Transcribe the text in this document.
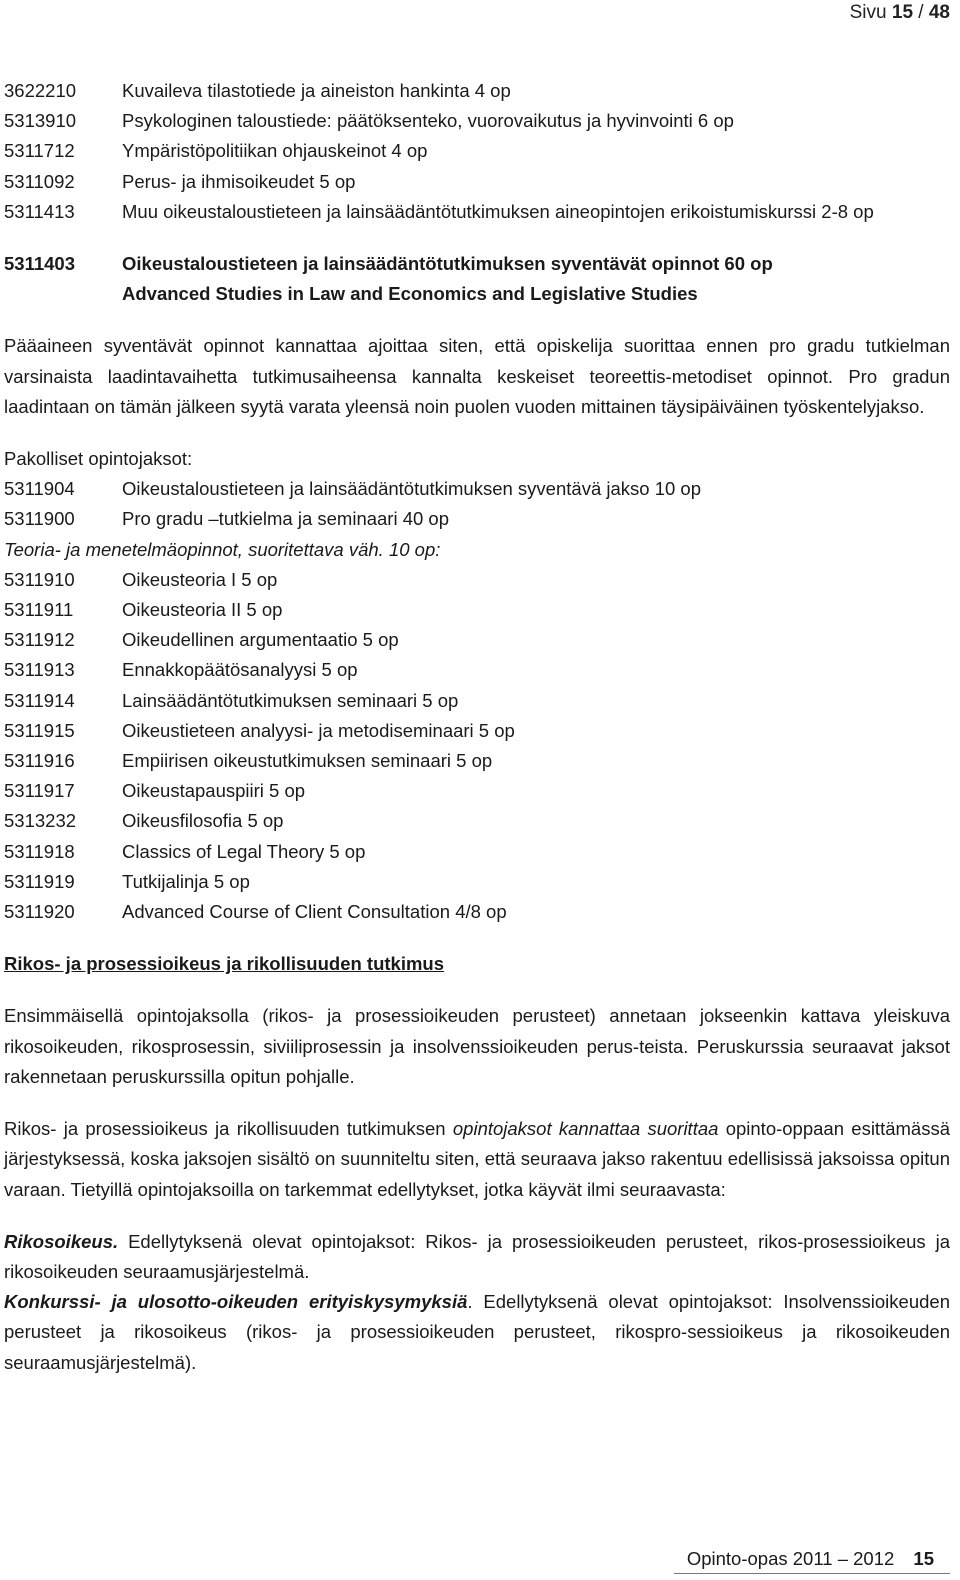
Sivu 15 / 48
3622210	Kuvaileva tilastotiede ja aineiston hankinta 4 op
5313910	Psykologinen taloustiede: päätöksenteko, vuorovaikutus ja hyvinvointi 6 op
5311712	Ympäristöpolitiikan ohjauskeinot 4 op
5311092	Perus- ja ihmisoikeudet 5 op
5311413	Muu oikeustaloustieteen ja lainsäädäntötutkimuksen aineopintojen erikoistumiskurssi 2-8 op
5311403	Oikeustaloustieteen ja lainsäädäntötutkimuksen syventävät opinnot 60 op
Advanced Studies in Law and Economics and Legislative Studies

Pääaineen syventävät opinnot kannattaa ajoittaa siten, että opiskelija suorittaa ennen pro gradu tutkielman varsinaista laadintavaihetta tutkimusaiheensa kannalta keskeiset teoreettis-metodiset opinnot. Pro gradun laadintaan on tämän jälkeen syytä varata yleensä noin puolen vuoden mittainen täysipäiväinen työskentelyjakso.

Pakolliset opintojaksot:
5311904	Oikeustaloustieteen ja lainsäädäntötutkimuksen syventävä jakso 10 op
5311900	Pro gradu –tutkielma ja seminaari 40 op
Teoria- ja menetelmäopinnot, suoritettava väh. 10 op:
5311910	Oikeusteoria I 5 op
5311911	Oikeusteoria II 5 op
5311912	Oikeudellinen argumentaatio 5 op
5311913	Ennakkopäätösanalyysi 5 op
5311914	Lainsäädäntötutkimuksen seminaari 5 op
5311915	Oikeustieteen analyysi- ja metodiseminaari 5 op
5311916	Empiirisen oikeustutkimuksen seminaari 5 op
5311917	Oikeustapauspiiri 5 op
5313232	Oikeusfilosofia 5 op
5311918	Classics of Legal Theory 5 op
5311919	Tutkijalinja 5 op
5311920	Advanced Course of Client Consultation 4/8 op
Rikos- ja prosessioikeus ja rikollisuuden tutkimus

Ensimmäisellä opintojaksolla (rikos- ja prosessioikeuden perusteet) annetaan jokseenkin kattava yleiskuva rikosoikeuden, rikosprosessin, siviiliprosessin ja insolvenssioikeuden perus-teista. Peruskurssia seuraavat jaksot rakennetaan peruskurssilla opitun pohjalle.

Rikos- ja prosessioikeus ja rikollisuuden tutkimuksen opintojaksot kannattaa suorittaa opinto-oppaan esittämässä järjestyksessä, koska jaksojen sisältö on suunniteltu siten, että seuraava jakso rakentuu edellisissä jaksoissa opitun varaan. Tietyillä opintojaksoilla on tarkemmat edellytykset, jotka käyvät ilmi seuraavasta:

Rikosoikeus. Edellytyksenä olevat opintojaksot: Rikos- ja prosessioikeuden perusteet, rikos-prosessioikeus ja rikosoikeuden seuraamusjärjestelmä.

Konkurssi- ja ulosotto-oikeuden erityiskysymyksiä. Edellytyksenä olevat opintojaksot: Insolvenssioikeuden perusteet ja rikosoikeus (rikos- ja prosessioikeuden perusteet, rikospro-sessioikeus ja rikosoikeuden seuraamusjärjestelmä).

Opinto-opas 2011 – 2012 15
